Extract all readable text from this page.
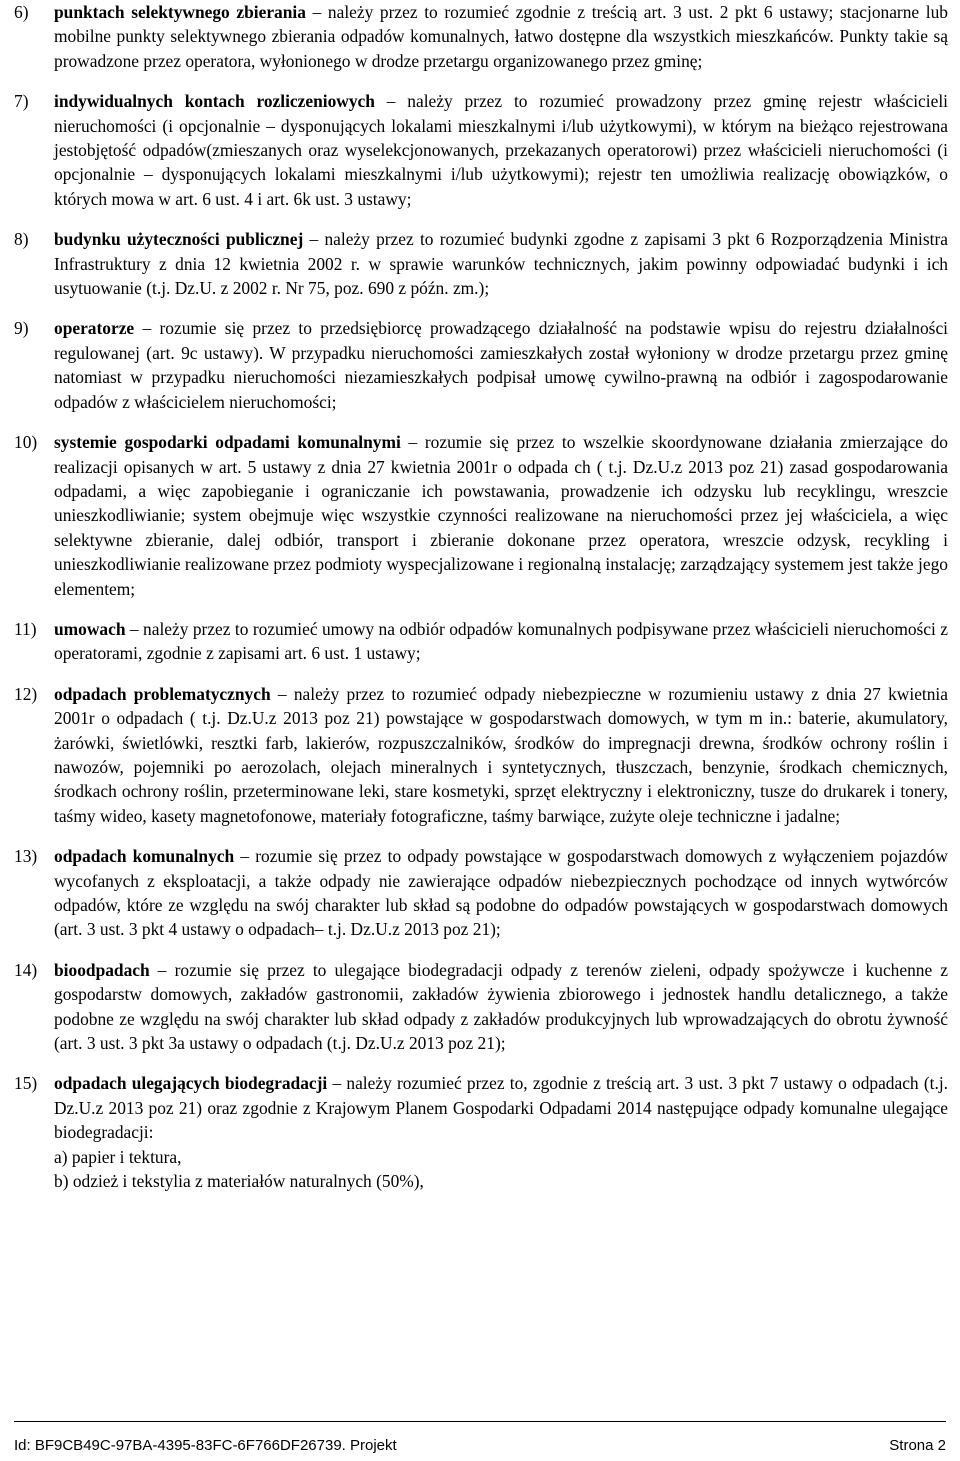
6) punktach selektywnego zbierania – należy przez to rozumieć zgodnie z treścią art. 3 ust. 2 pkt 6 ustawy; stacjonarne lub mobilne punkty selektywnego zbierania odpadów komunalnych, łatwo dostępne dla wszystkich mieszkańców. Punkty takie są prowadzone przez operatora, wyłonionego w drodze przetargu organizowanego przez gminę;

7) indywidualnych kontach rozliczeniowych – należy przez to rozumieć prowadzony przez gminę rejestr właścicieli nieruchomości (i opcjonalnie – dysponujących lokalami mieszkalnymi i/lub użytkowymi), w którym na bieżąco rejestrowana jestobjętość odpadów(zmieszanych oraz wyselekcjonowanych, przekazanych operatorowi) przez właścicieli nieruchomości (i opcjonalnie – dysponujących lokalami mieszkalnymi i/lub użytkowymi); rejestr ten umożliwia realizację obowiązków, o których mowa w art. 6 ust. 4 i art. 6k ust. 3 ustawy;

8) budynku użyteczności publicznej – należy przez to rozumieć budynki zgodne z zapisami 3 pkt 6 Rozporządzenia Ministra Infrastruktury z dnia 12 kwietnia 2002 r. w sprawie warunków technicznych, jakim powinny odpowiadać budynki i ich usytuowanie (t.j. Dz.U. z 2002 r. Nr 75, poz. 690 z późn. zm.);

9) operatorze – rozumie się przez to przedsiębiorcę prowadzącego działalność na podstawie wpisu do rejestru działalności regulowanej (art. 9c ustawy). W przypadku nieruchomości zamieszkałych został wyłoniony w drodze przetargu przez gminę natomiast w przypadku nieruchomości niezamieszkałych podpisał umowę cywilno-prawną na odbiór i zagospodarowanie odpadów z właścicielem nieruchomości;

10) systemie gospodarki odpadami komunalnymi – rozumie się przez to wszelkie skoordynowane działania zmierzające do realizacji opisanych w art. 5 ustawy z dnia 27 kwietnia 2001r o odpada ch ( t.j. Dz.U.z 2013 poz 21) zasad gospodarowania odpadami, a więc zapobieganie i ograniczanie ich powstawania, prowadzenie ich odzysku lub recyklingu, wreszcie unieszkodliwianie; system obejmuje więc wszystkie czynności realizowane na nieruchomości przez jej właściciela, a więc selektywne zbieranie, dalej odbiór, transport i zbieranie dokonane przez operatora, wreszcie odzysk, recykling i unieszkodliwianie realizowane przez podmioty wyspecjalizowane i regionalną instalację; zarządzający systemem jest także jego elementem;

11) umowach – należy przez to rozumieć umowy na odbiór odpadów komunalnych podpisywane przez właścicieli nieruchomości z operatorami, zgodnie z zapisami art. 6 ust. 1 ustawy;

12) odpadach problematycznych – należy przez to rozumieć odpady niebezpieczne w rozumieniu ustawy z dnia 27 kwietnia 2001r o odpadach ( t.j. Dz.U.z 2013 poz 21) powstające w gospodarstwach domowych, w tym m in.: baterie, akumulatory, żarówki, świetlówki, resztki farb, lakierów, rozpuszczalników, środków do impregnacji drewna, środków ochrony roślin i nawozów, pojemniki po aerozolach, olejach mineralnych i syntetycznych, tłuszczach, benzynie, środkach chemicznych, środkach ochrony roślin, przeterminowane leki, stare kosmetyki, sprzęt elektryczny i elektroniczny, tusze do drukarek i tonery, taśmy wideo, kasety magnetofonowe, materiały fotograficzne, taśmy barwiące, zużyte oleje techniczne i jadalne;

13) odpadach komunalnych – rozumie się przez to odpady powstające w gospodarstwach domowych z wyłączeniem pojazdów wycofanych z eksploatacji, a także odpady nie zawierające odpadów niebezpiecznych pochodzące od innych wytwórców odpadów, które ze względu na swój charakter lub skład są podobne do odpadów powstających w gospodarstwach domowych (art. 3 ust. 3 pkt 4 ustawy o odpadach– t.j. Dz.U.z 2013 poz 21);

14) bioodpadach – rozumie się przez to ulegające biodegradacji odpady z terenów zieleni, odpady spożywcze i kuchenne z gospodarstw domowych, zakładów gastronomii, zakładów żywienia zbiorowego i jednostek handlu detalicznego, a także podobne ze względu na swój charakter lub skład odpady z zakładów produkcyjnych lub wprowadzających do obrotu żywność (art. 3 ust. 3 pkt 3a ustawy o odpadach (t.j. Dz.U.z 2013 poz 21);

15) odpadach ulegających biodegradacji – należy rozumieć przez to, zgodnie z treścią art. 3 ust. 3 pkt 7 ustawy o odpadach (t.j. Dz.U.z 2013 poz 21) oraz zgodnie z Krajowym Planem Gospodarki Odpadami 2014 następujące odpady komunalne ulegające biodegradacji:

a) papier i tektura,

b) odzież i tekstylia z materiałów naturalnych (50%),

Id: BF9CB49C-97BA-4395-83FC-6F766DF26739. Projekt	Strona 2
